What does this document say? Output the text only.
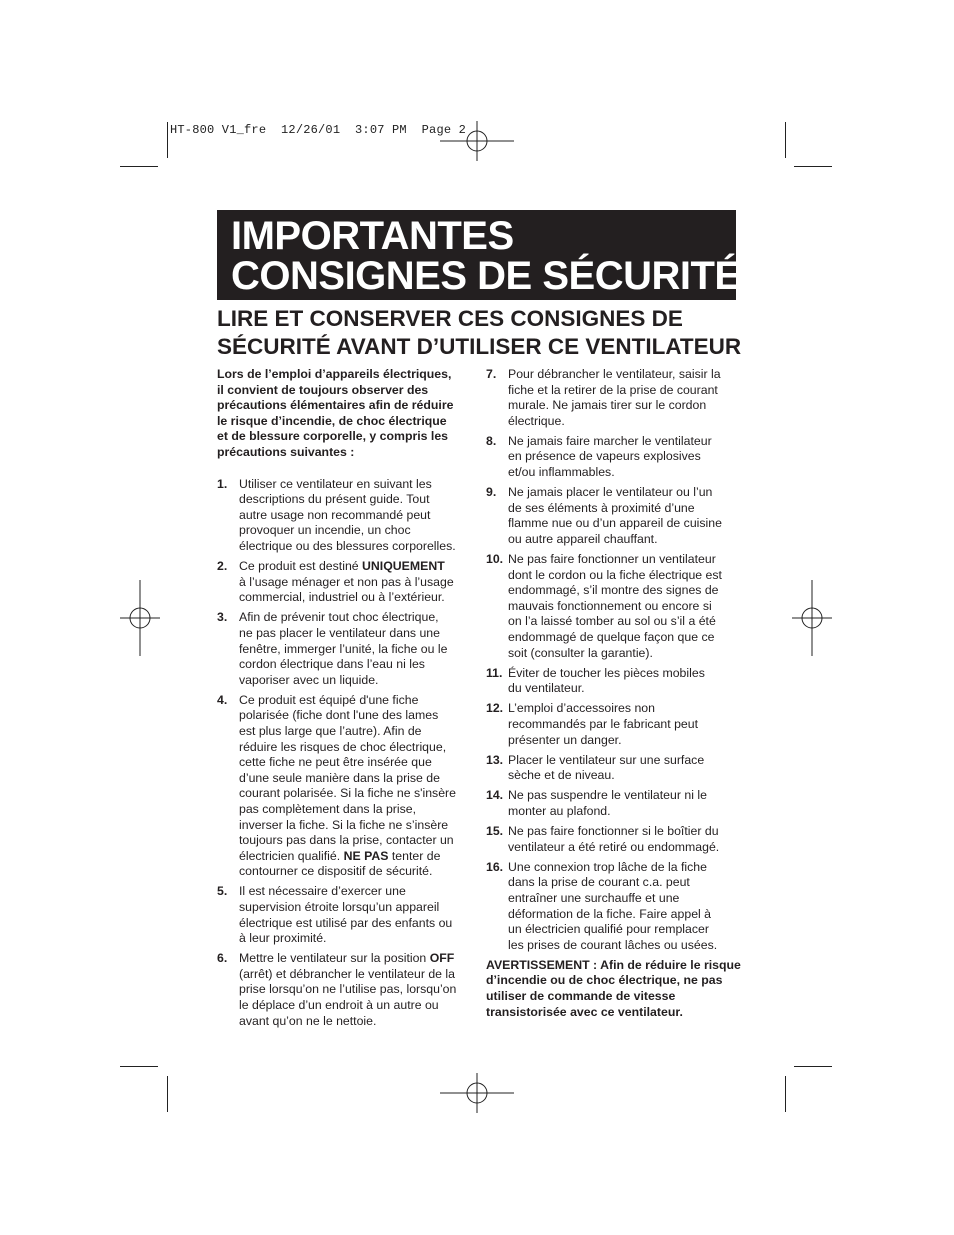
HT-800 V1_fre  12/26/01  3:07 PM  Page 2
IMPORTANTES
CONSIGNES DE SÉCURITÉ
LIRE ET CONSERVER CES CONSIGNES DE
SÉCURITÉ AVANT D’UTILISER CE VENTILATEUR
Lors de l’emploi d’appareils électriques,
il convient de toujours observer des
précautions élémentaires afin de réduire
le risque d’incendie, de choc électrique
et de blessure corporelle, y compris les
précautions suivantes :
1. Utiliser ce ventilateur en suivant les
descriptions du présent guide. Tout
autre usage non recommandé peut
provoquer un incendie, un choc
électrique ou des blessures corporelles.
2. Ce produit est destiné UNIQUEMENT
à l’usage ménager et non pas à l’usage
commercial, industriel ou à l’extérieur.
3. Afin de prévenir tout choc électrique,
ne pas placer le ventilateur dans une
fenêtre, immerger l’unité, la fiche ou le
cordon électrique dans l’eau ni les
vaporiser avec un liquide.
4. Ce produit est équipé d'une fiche
polarisée (fiche dont l'une des lames
est plus large que l’autre). Afin de
réduire les risques de choc électrique,
cette fiche ne peut être insérée que
d’une seule manière dans la prise de
courant polarisée. Si la fiche ne s'insère
pas complètement dans la prise,
inverser la fiche. Si la fiche ne s’insère
toujours pas dans la prise, contacter un
électricien qualifié. NE PAS tenter de
contourner ce dispositif de sécurité.
5. Il est nécessaire d’exercer une
supervision étroite lorsqu’un appareil
électrique est utilisé par des enfants ou
à leur proximité.
6. Mettre le ventilateur sur la position OFF
(arrêt) et débrancher le ventilateur de la
prise lorsqu’on ne l’utilise pas, lorsqu’on
le déplace d’un endroit à un autre ou
avant qu’on ne le nettoie.
7. Pour débrancher le ventilateur, saisir la
fiche et la retirer de la prise de courant
murale. Ne jamais tirer sur le cordon
électrique.
8. Ne jamais faire marcher le ventilateur
en présence de vapeurs explosives
et/ou inflammables.
9. Ne jamais placer le ventilateur ou l’un
de ses éléments à proximité d’une
flamme nue ou d’un appareil de cuisine
ou autre appareil chauffant.
10. Ne pas faire fonctionner un ventilateur
dont le cordon ou la fiche électrique est
endommagé, s’il montre des signes de
mauvais fonctionnement ou encore si
on l’a laissé tomber au sol ou s’il a été
endommagé de quelque façon que ce
soit (consulter la garantie).
11. Éviter de toucher les pièces mobiles
du ventilateur.
12. L’emploi d’accessoires non
recommandés par le fabricant peut
présenter un danger.
13. Placer le ventilateur sur une surface
sèche et de niveau.
14. Ne pas suspendre le ventilateur ni le
monter au plafond.
15. Ne pas faire fonctionner si le boîtier du
ventilateur a été retiré ou endommagé.
16. Une connexion trop lâche de la fiche
dans la prise de courant c.a. peut
entraîner une surchauffe et une
déformation de la fiche. Faire appel à
un électricien qualifié pour remplacer
les prises de courant lâches ou usées.
AVERTISSEMENT : Afin de réduire le risque
d’incendie ou de choc électrique, ne pas
utiliser de commande de vitesse
transistorisée avec ce ventilateur.
